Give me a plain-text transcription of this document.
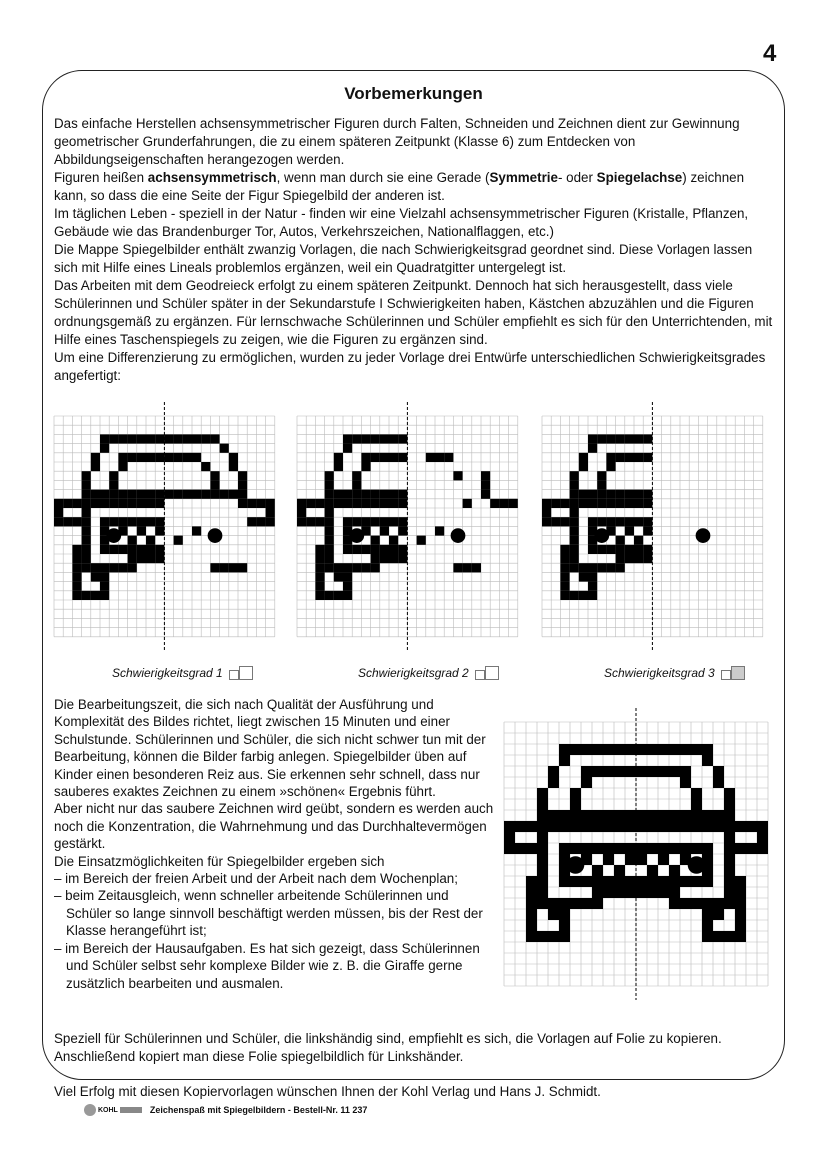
4
Vorbemerkungen

Das einfache Herstellen achsensymmetrischer Figuren durch Falten, Schneiden und Zeichnen dient zur Gewinnung geometrischer Grunderfahrungen, die zu einem späteren Zeitpunkt (Klasse 6) zum Entdecken von Abbildungseigenschaften herangezogen werden.

Figuren heißen achsensymmetrisch, wenn man durch sie eine Gerade (Symmetrie- oder Spiegelachse) zeichnen kann, so dass die eine Seite der Figur Spiegelbild der anderen ist.

Im täglichen Leben - speziell in der Natur - finden wir eine Vielzahl achsensymmetrischer Figuren (Kristalle, Pflanzen, Gebäude wie das Brandenburger Tor, Autos, Verkehrszeichen, Nationalflaggen, etc.)

Die Mappe Spiegelbilder enthält zwanzig Vorlagen, die nach Schwierigkeitsgrad geordnet sind. Diese Vorlagen lassen sich mit Hilfe eines Lineals problemlos ergänzen, weil ein Quadratgitter untergelegt ist.

Das Arbeiten mit dem Geodreieck erfolgt zu einem späteren Zeitpunkt. Dennoch hat sich herausgestellt, dass viele Schülerinnen und Schüler später in der Sekundarstufe I Schwierigkeiten haben, Kästchen abzuzählen und die Figuren ordnungsgemäß zu ergänzen. Für lernschwache Schülerinnen und Schüler empfiehlt es sich für den Unterrichtenden, mit Hilfe eines Taschenspiegels zu zeigen, wie die Figuren zu ergänzen sind.

Um eine Differenzierung zu ermöglichen, wurden zu jeder Vorlage drei Entwürfe unterschiedlichen Schwierigkeitsgrades angefertigt:

Schwierigkeitsgrad 1	Schwierigkeitsgrad 2	Schwierigkeitsgrad 3

Die Bearbeitungszeit, die sich nach Qualität der Ausführung und Komplexität des Bildes richtet, liegt zwischen 15 Minuten und einer Schulstunde. Schülerinnen und Schüler, die sich nicht schwer tun mit der Bearbeitung, können die Bilder farbig anlegen. Spiegelbilder üben auf Kinder einen besonderen Reiz aus. Sie erkennen sehr schnell, dass nur sauberes exaktes Zeichnen zu einem »schönen« Ergebnis führt.

Aber nicht nur das saubere Zeichnen wird geübt, sondern es werden auch noch die Konzentration, die Wahrnehmung und das Durchhaltevermögen gestärkt.

Die Einsatzmöglichkeiten für Spiegelbilder ergeben sich

– im Bereich der freien Arbeit und der Arbeit nach dem Wochenplan;

– beim Zeitausgleich, wenn schneller arbeitende Schülerinnen und Schüler so lange sinnvoll beschäftigt werden müssen, bis der Rest der Klasse herangeführt ist;

– im Bereich der Hausaufgaben. Es hat sich gezeigt, dass Schülerinnen und Schüler selbst sehr komplexe Bilder wie z. B. die Giraffe gerne zusätzlich bearbeiten und ausmalen.

Speziell für Schülerinnen und Schüler, die linkshändig sind, empfiehlt es sich, die Vorlagen auf Folie zu kopieren. Anschließend kopiert man diese Folie spiegelbildlich für Linkshänder.

Viel Erfolg mit diesen Kopiervorlagen wünschen Ihnen der Kohl Verlag und Hans J. Schmidt.
KOHL	Zeichenspaß mit Spiegelbildern - Bestell-Nr. 11 237
